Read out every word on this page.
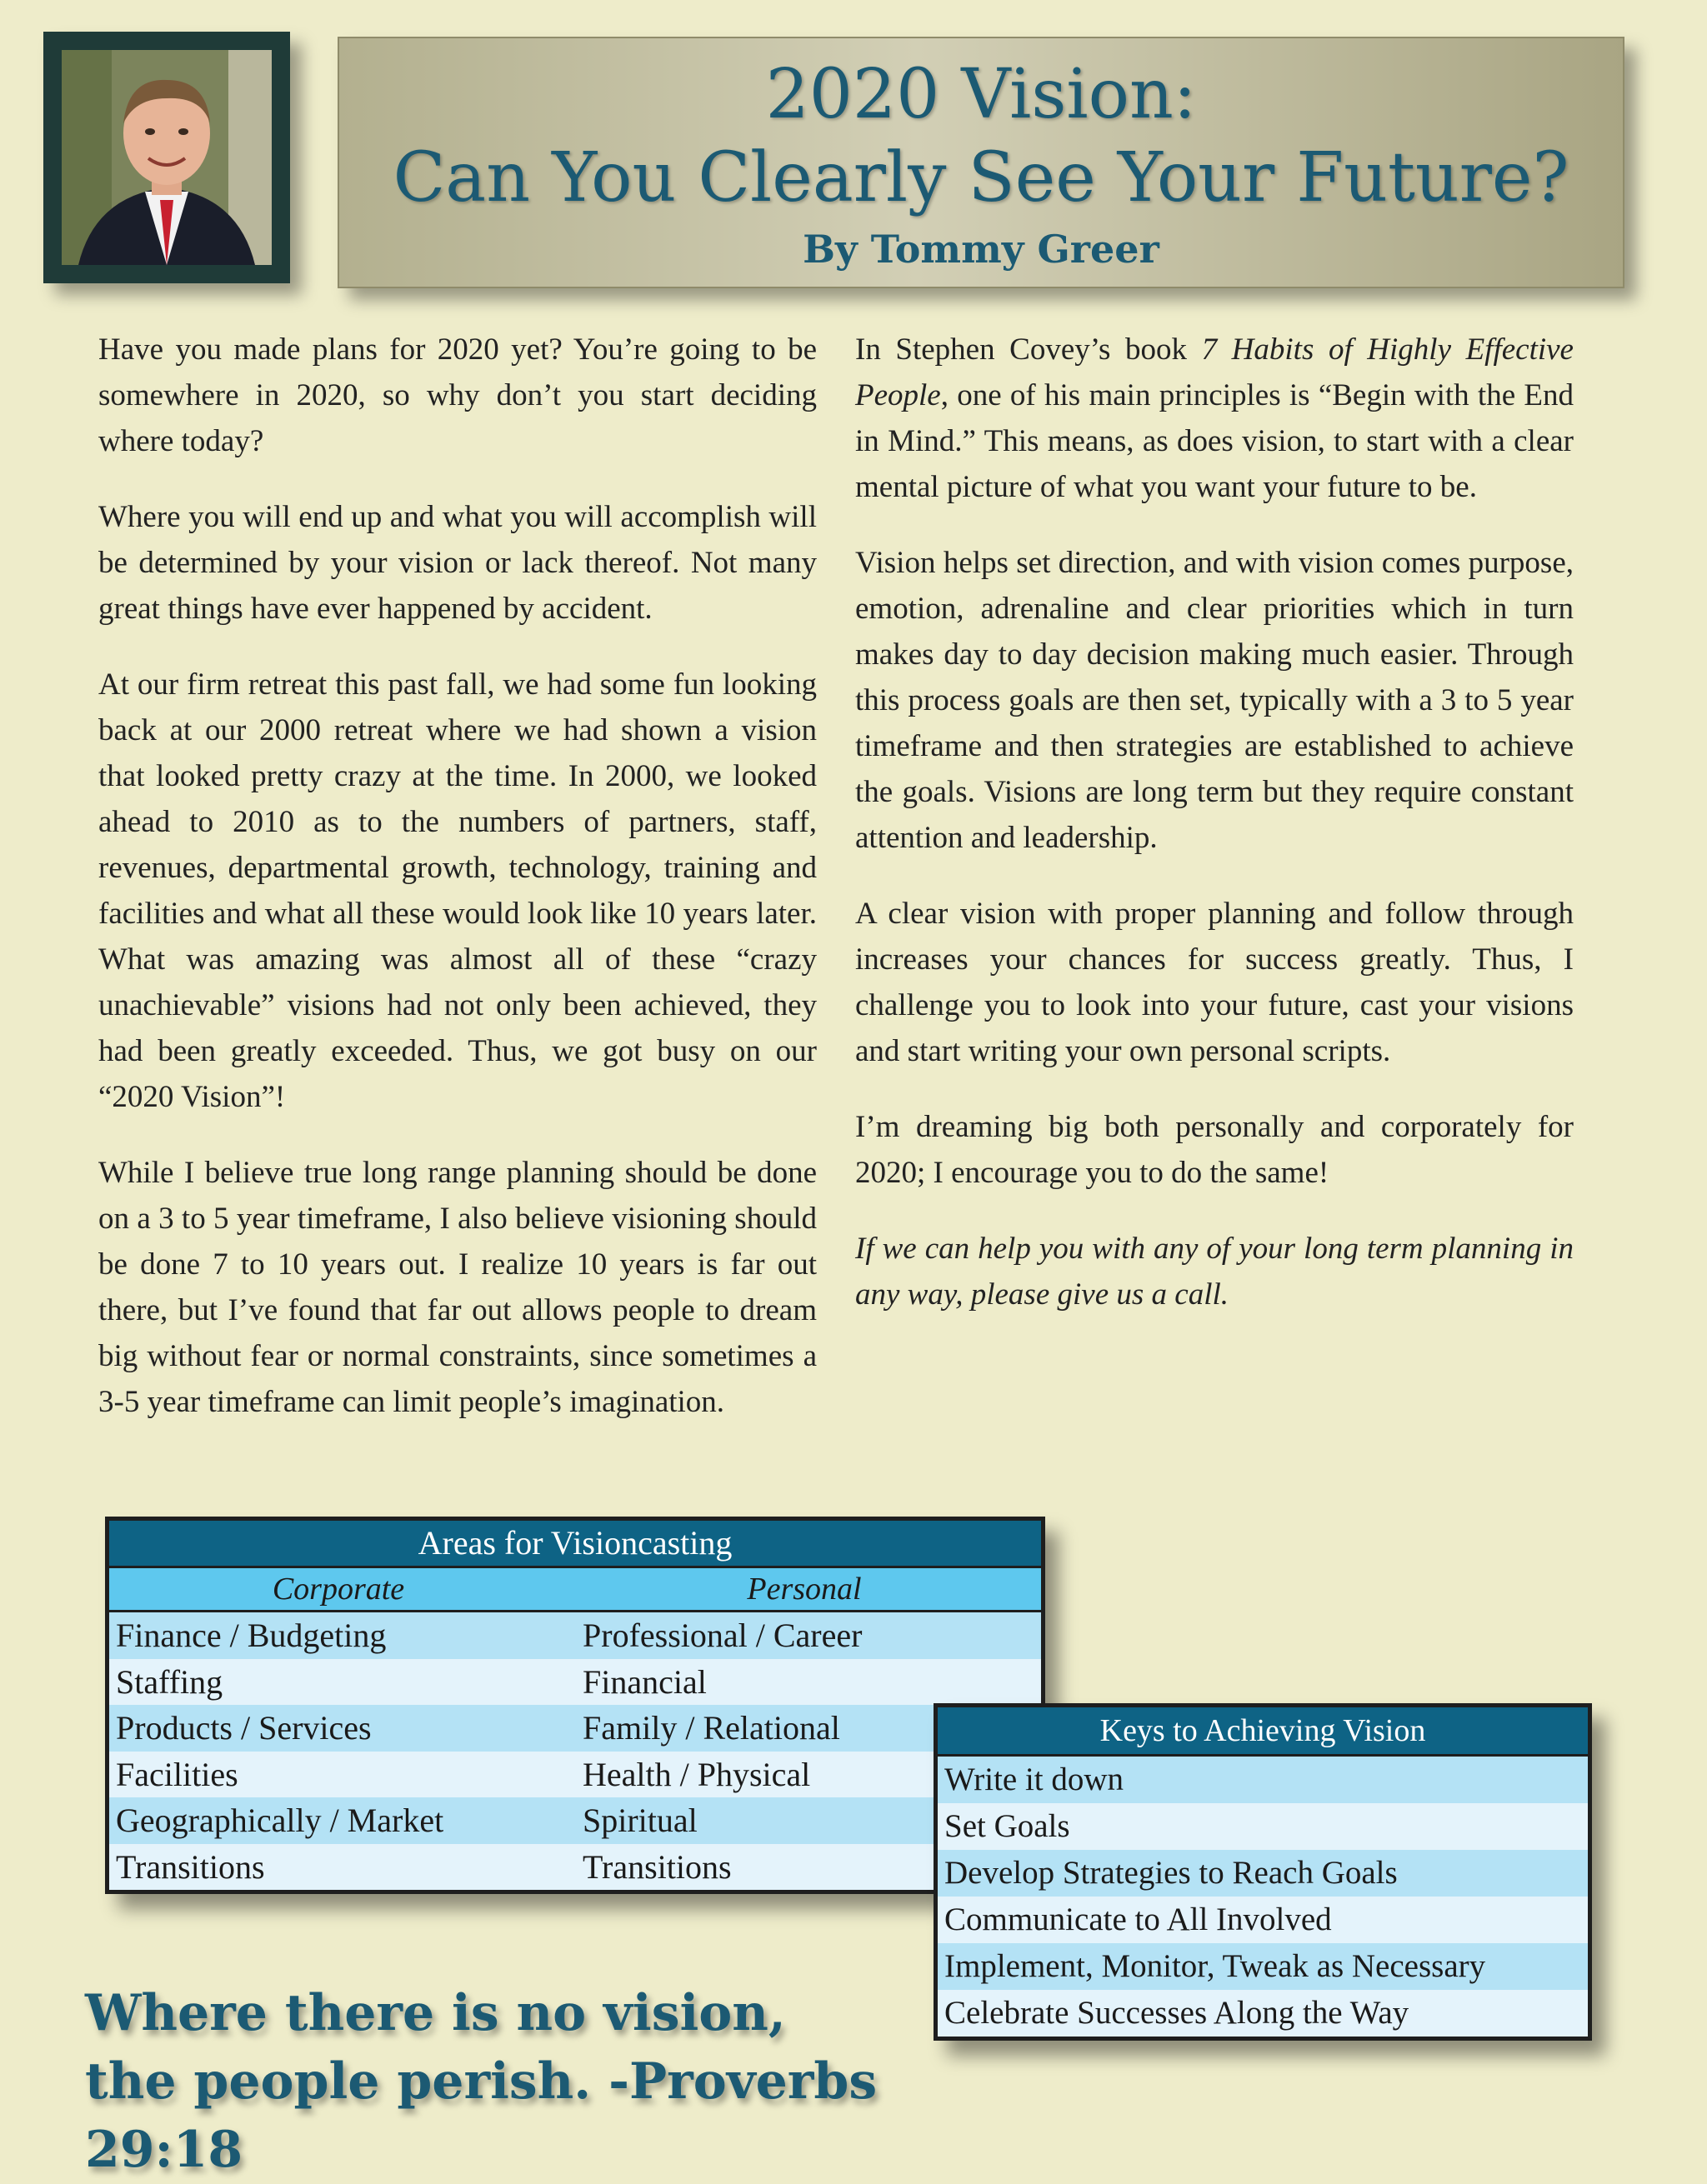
2020 Vision:
Can You Clearly See Your Future?
By Tommy Greer

Have you made plans for 2020 yet? You’re going to be somewhere in 2020, so why don’t you start deciding where today?

Where you will end up and what you will accomplish will be determined by your vision or lack thereof. Not many great things have ever happened by accident.

At our firm retreat this past fall, we had some fun looking back at our 2000 retreat where we had shown a vision that looked pretty crazy at the time. In 2000, we looked ahead to 2010 as to the numbers of partners, staff, revenues, departmental growth, technology, training and facilities and what all these would look like 10 years later. What was amazing was almost all of these “crazy unachievable” visions had not only been achieved, they had been greatly exceeded. Thus, we got busy on our “2020 Vision”!

While I believe true long range planning should be done on a 3 to 5 year timeframe, I also believe visioning should be done 7 to 10 years out. I realize 10 years is far out there, but I’ve found that far out allows people to dream big without fear or normal constraints, since sometimes a 3-5 year timeframe can limit people’s imagination.

In Stephen Covey’s book 7 Habits of Highly Effective People, one of his main principles is “Begin with the End in Mind.” This means, as does vision, to start with a clear mental picture of what you want your future to be.

Vision helps set direction, and with vision comes purpose, emotion, adrenaline and clear priorities which in turn makes day to day decision making much easier. Through this process goals are then set, typically with a 3 to 5 year timeframe and then strategies are established to achieve the goals. Visions are long term but they require constant attention and leadership.

A clear vision with proper planning and follow through increases your chances for success greatly. Thus, I challenge you to look into your future, cast your visions and start writing your own personal scripts.

I’m dreaming big both personally and corporately for 2020; I encourage you to do the same!

If we can help you with any of your long term planning in any way, please give us a call.

Areas for Visioncasting
Corporate	Personal
Finance / Budgeting	Professional / Career
Staffing	Financial
Products / Services	Family / Relational
Facilities	Health / Physical
Geographically / Market	Spiritual
Transitions	Transitions
Keys to Achieving Vision
Write it down
Set Goals
Develop Strategies to Reach Goals
Communicate to All Involved
Implement, Monitor, Tweak as Necessary
Celebrate Successes Along the Way
Where there is no vision,
the people perish. -Proverbs 29:18
